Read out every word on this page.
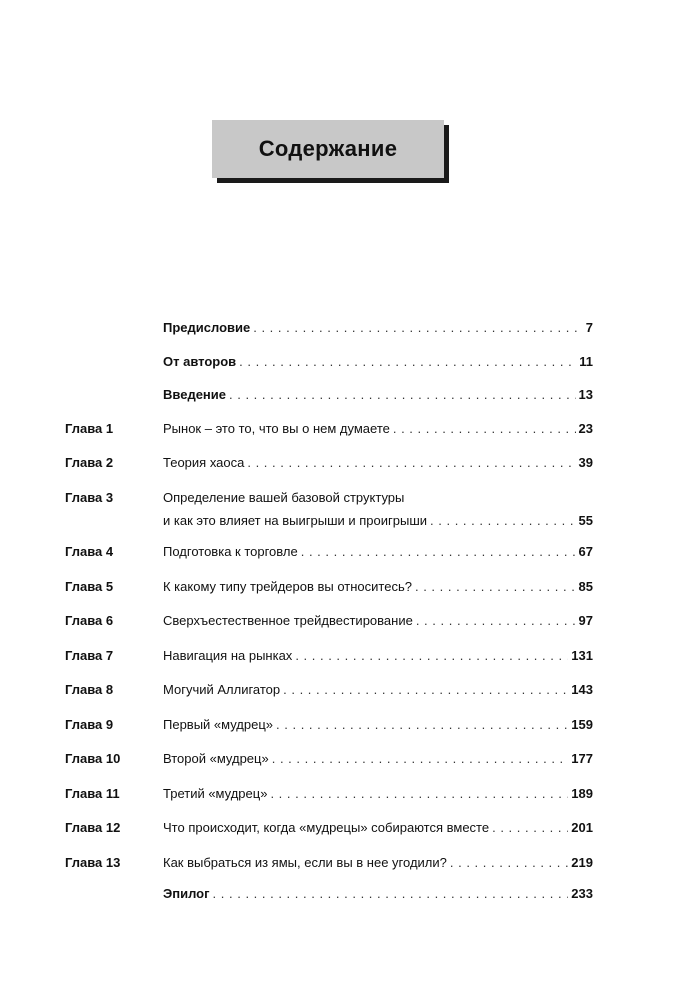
Содержание
Предисловие . . .	7
От авторов . . .	11
Введение . . .	13
Глава 1	Рынок – это то, что вы о нем думаете . . .	23
Глава 2	Теория хаоса . . .	39
Глава 3	Определение вашей базовой структуры
и как это влияет на выигрыши и проигрыши . . .	55
Глава 4	Подготовка к торговле . . .	67
Глава 5	К какому типу трейдеров вы относитесь? . . .	85
Глава 6	Сверхъестественное трейдвестирование . . .	97
Глава 7	Навигация на рынках . . .	131
Глава 8	Могучий Аллигатор . . .	143
Глава 9	Первый «мудрец» . . .	159
Глава 10	Второй «мудрец» . . .	177
Глава 11	Третий «мудрец» . . .	189
Глава 12	Что происходит, когда «мудрецы» собираются вместе . . .	201
Глава 13	Как выбраться из ямы, если вы в нее угодили? . . .	219
Эпилог . . .	233
